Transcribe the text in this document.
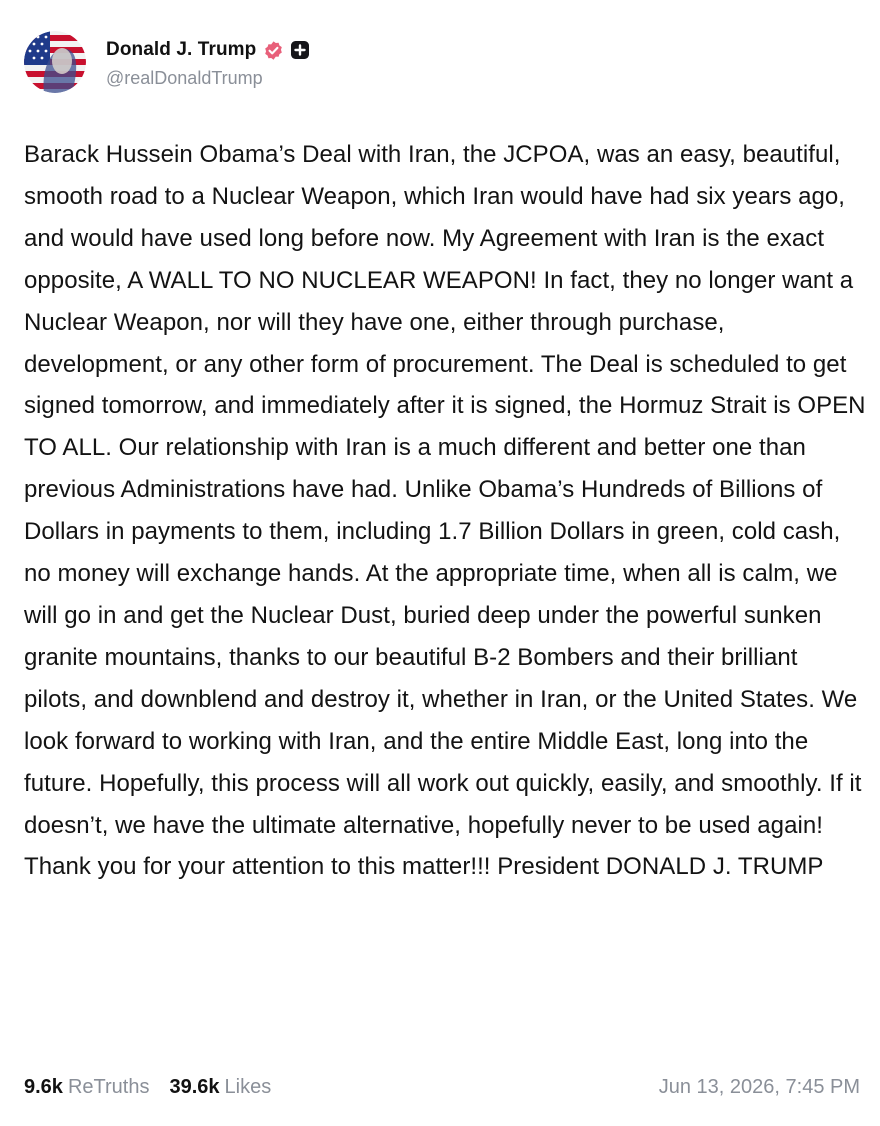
Donald J. Trump
@realDonaldTrump
Barack Hussein Obama’s Deal with Iran, the JCPOA, was an easy, beautiful, smooth road to a Nuclear Weapon, which Iran would have had six years ago, and would have used long before now. My Agreement with Iran is the exact opposite, A WALL TO NO NUCLEAR WEAPON! In fact, they no longer want a Nuclear Weapon, nor will they have one, either through purchase, development, or any other form of procurement. The Deal is scheduled to get signed tomorrow, and immediately after it is signed, the Hormuz Strait is OPEN TO ALL. Our relationship with Iran is a much different and better one than previous Administrations have had. Unlike Obama’s Hundreds of Billions of Dollars in payments to them, including 1.7 Billion Dollars in green, cold cash, no money will exchange hands. At the appropriate time, when all is calm, we will go in and get the Nuclear Dust, buried deep under the powerful sunken granite mountains, thanks to our beautiful B-2 Bombers and their brilliant pilots, and downblend and destroy it, whether in Iran, or the United States. We look forward to working with Iran, and the entire Middle East, long into the future. Hopefully, this process will all work out quickly, easily, and smoothly. If it doesn’t, we have the ultimate alternative, hopefully never to be used again! Thank you for your attention to this matter!!! President DONALD J. TRUMP
9.6k ReTruths 39.6k Likes	Jun 13, 2026, 7:45 PM
